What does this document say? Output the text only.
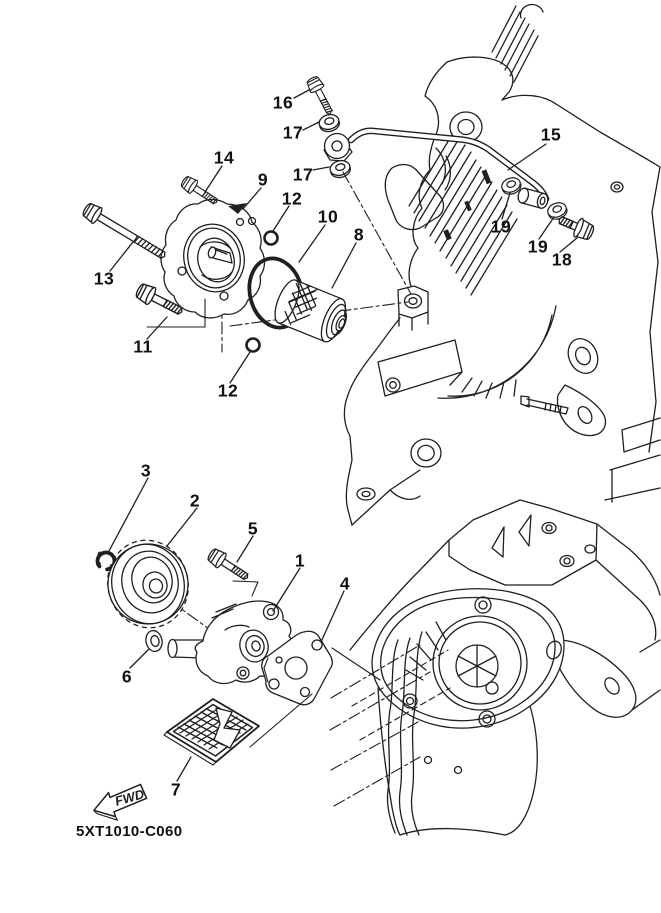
FWD
16
17
17
15
14
9
12
10
8	19
19
18
13
11
12
3
2
5
1
4
6
7
5XT1010-C060
